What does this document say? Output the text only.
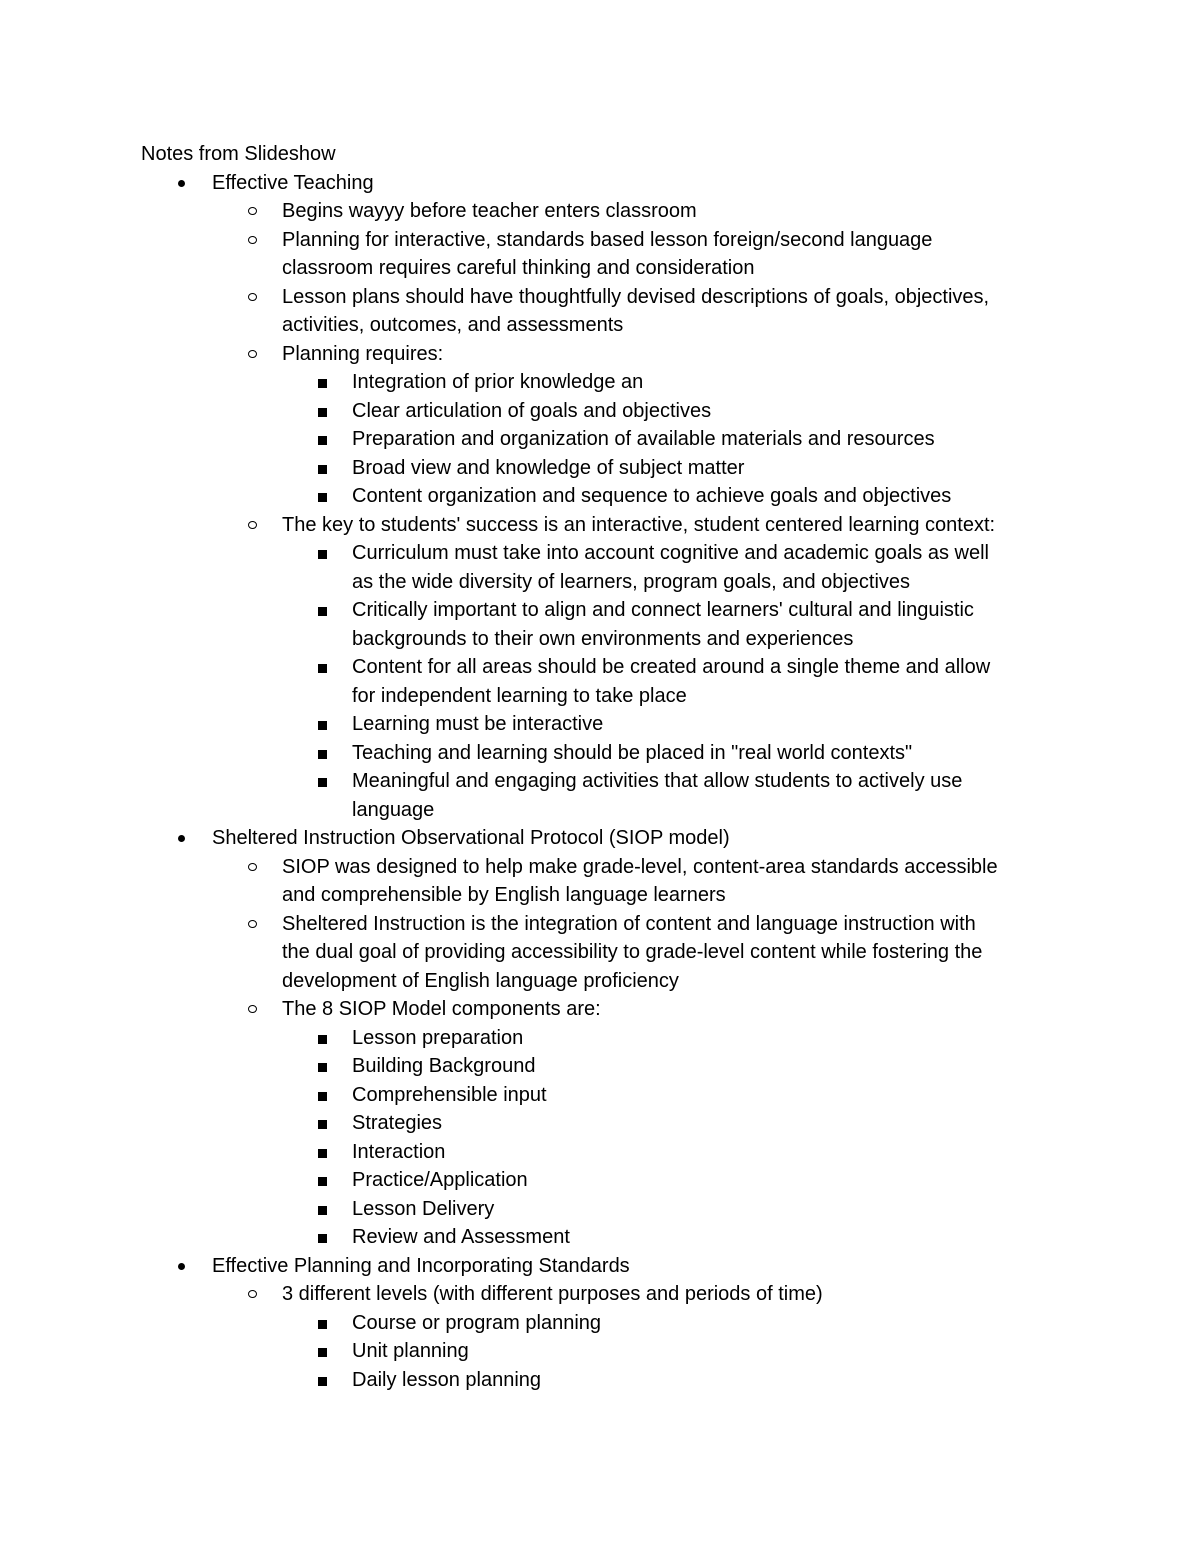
Notes from Slideshow

Effective Teaching

Begins wayyy before teacher enters classroom

Planning for interactive, standards based lesson foreign/second language

classroom requires careful thinking and consideration

Lesson plans should have thoughtfully devised descriptions of goals, objectives,

activities, outcomes, and assessments

Planning requires:

Integration of prior knowledge an

Clear articulation of goals and objectives

Preparation and organization of available materials and resources

Broad view and knowledge of subject matter

Content organization and sequence to achieve goals and objectives

The key to students' success is an interactive, student centered learning context:

Curriculum must take into account cognitive and academic goals as well

as the wide diversity of learners, program goals, and objectives

Critically important to align and connect learners' cultural and linguistic

backgrounds to their own environments and experiences

Content for all areas should be created around a single theme and allow

for independent learning to take place

Learning must be interactive

Teaching and learning should be placed in "real world contexts"

Meaningful and engaging activities that allow students to actively use

language

Sheltered Instruction Observational Protocol (SIOP model)

SIOP was designed to help make grade-level, content-area standards accessible

and comprehensible by English language learners

Sheltered Instruction is the integration of content and language instruction with

the dual goal of providing accessibility to grade-level content while fostering the

development of English language proficiency

The 8 SIOP Model components are:

Lesson preparation

Building Background

Comprehensible input

Strategies

Interaction

Practice/Application

Lesson Delivery

Review and Assessment

Effective Planning and Incorporating Standards

3 different levels (with different purposes and periods of time)

Course or program planning

Unit planning

Daily lesson planning
